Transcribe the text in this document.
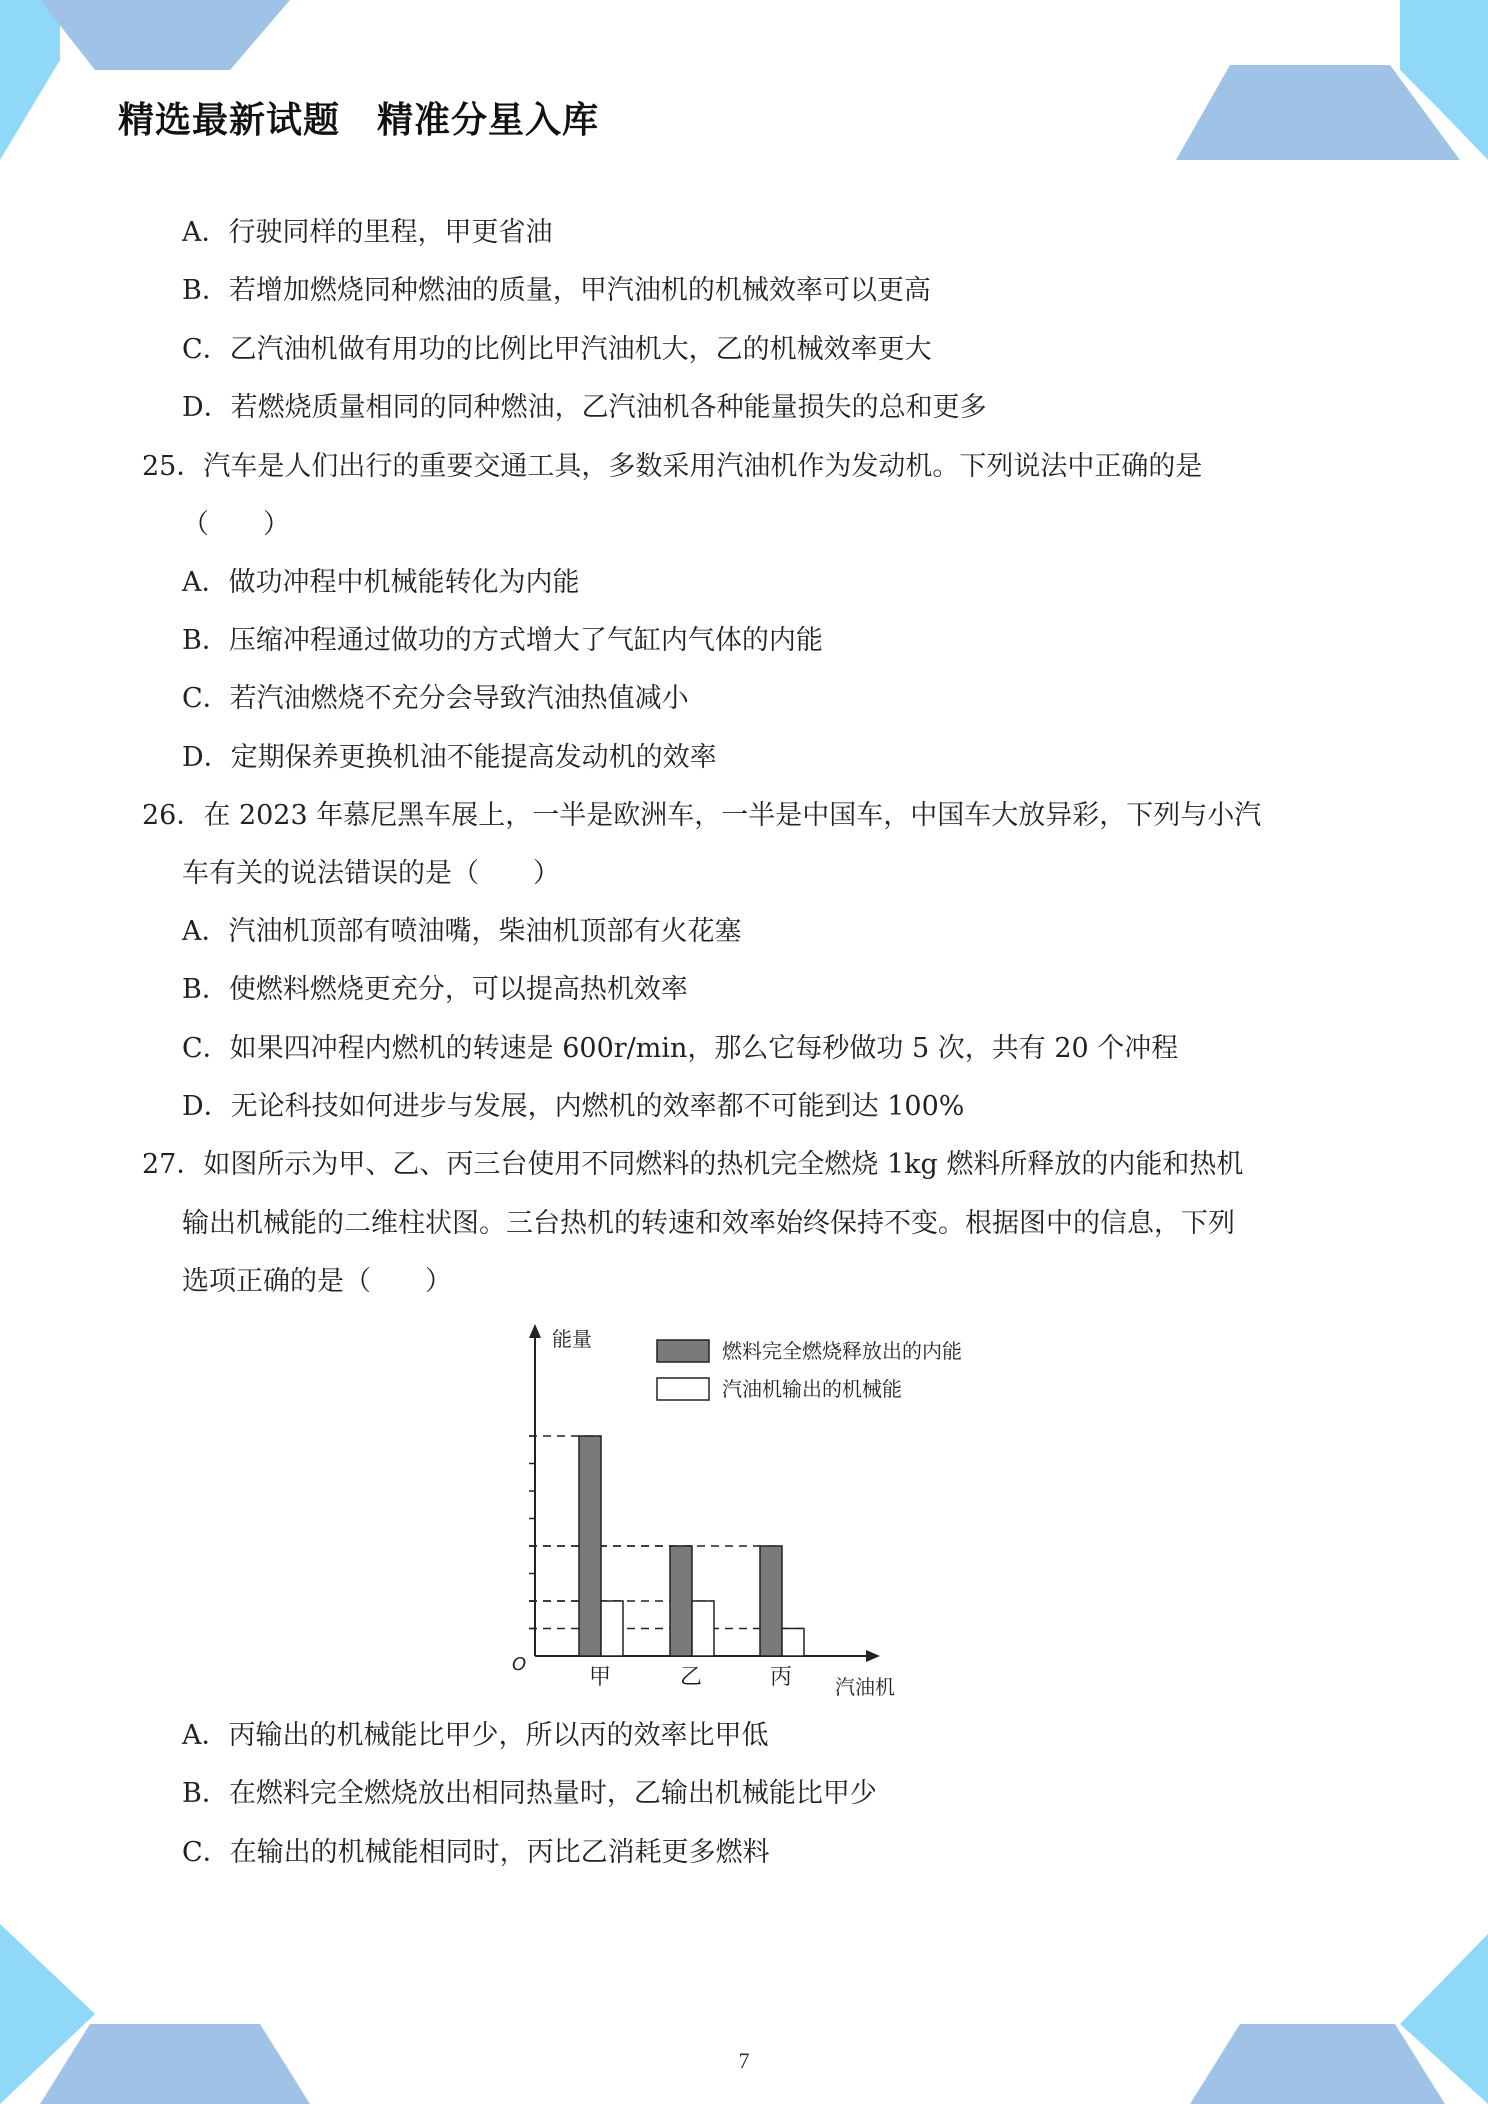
精选最新试题　精准分星入库
A．行驶同样的里程，甲更省油
B．若增加燃烧同种燃油的质量，甲汽油机的机械效率可以更高
C．乙汽油机做有用功的比例比甲汽油机大，乙的机械效率更大
D．若燃烧质量相同的同种燃油，乙汽油机各种能量损失的总和更多
25．汽车是人们出行的重要交通工具，多数采用汽油机作为发动机。下列说法中正确的是
（　　）
A．做功冲程中机械能转化为内能
B．压缩冲程通过做功的方式增大了气缸内气体的内能
C．若汽油燃烧不充分会导致汽油热值减小
D．定期保养更换机油不能提高发动机的效率
26．在 2023 年慕尼黑车展上，一半是欧洲车，一半是中国车，中国车大放异彩，下列与小汽
车有关的说法错误的是（　　）
A．汽油机顶部有喷油嘴，柴油机顶部有火花塞
B．使燃料燃烧更充分，可以提高热机效率
C．如果四冲程内燃机的转速是 600r/min，那么它每秒做功 5 次，共有 20 个冲程
D．无论科技如何进步与发展，内燃机的效率都不可能到达 100%
27．如图所示为甲、乙、丙三台使用不同燃料的热机完全燃烧 1kg 燃料所释放的内能和热机
输出机械能的二维柱状图。三台热机的转速和效率始终保持不变。根据图中的信息，下列
选项正确的是（　　）
A．丙输出的机械能比甲少，所以丙的效率比甲低
B．在燃料完全燃烧放出相同热量时，乙输出机械能比甲少
C．在输出的机械能相同时，丙比乙消耗更多燃料
能量
汽油机
O
燃料完全燃烧释放出的内能
汽油机输出的机械能
甲	乙	丙
7
